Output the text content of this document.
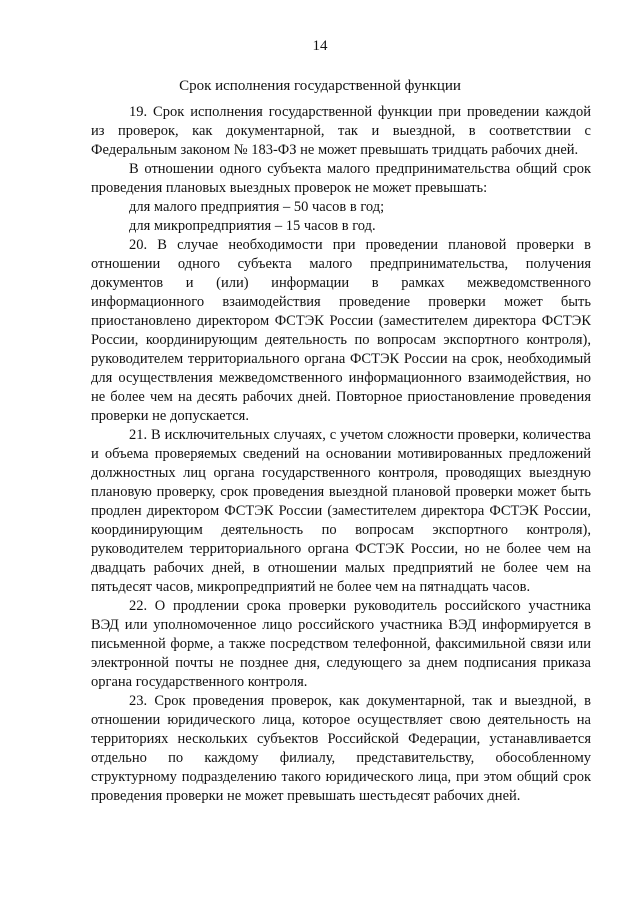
14
Срок исполнения государственной функции

19. Срок исполнения государственной функции при проведении каждой из проверок, как документарной, так и выездной, в соответствии с Федеральным законом № 183-ФЗ не может превышать тридцать рабочих дней.

В отношении одного субъекта малого предпринимательства общий срок проведения плановых выездных проверок не может превышать:

для малого предприятия – 50 часов в год;

для микропредприятия – 15 часов в год.

20. В случае необходимости при проведении плановой проверки в отношении одного субъекта малого предпринимательства, получения документов и (или) информации в рамках межведомственного информационного взаимодействия проведение проверки может быть приостановлено директором ФСТЭК России (заместителем директора ФСТЭК России, координирующим деятельность по вопросам экспортного контроля), руководителем территориального органа ФСТЭК России на срок, необходимый для осуществления межведомственного информационного взаимодействия, но не более чем на десять рабочих дней. Повторное приостановление проведения проверки не допускается.

21. В исключительных случаях, с учетом сложности проверки, количества и объема проверяемых сведений на основании мотивированных предложений должностных лиц органа государственного контроля, проводящих выездную плановую проверку, срок проведения выездной плановой проверки может быть продлен директором ФСТЭК России (заместителем директора ФСТЭК России, координирующим деятельность по вопросам экспортного контроля), руководителем территориального органа ФСТЭК России, но не более чем на двадцать рабочих дней, в отношении малых предприятий не более чем на пятьдесят часов, микропредприятий не более чем на пятнадцать часов.

22. О продлении срока проверки руководитель российского участника ВЭД или уполномоченное лицо российского участника ВЭД информируется в письменной форме, а также посредством телефонной, факсимильной связи или электронной почты не позднее дня, следующего за днем подписания приказа органа государственного контроля.

23. Срок проведения проверок, как документарной, так и выездной, в отношении юридического лица, которое осуществляет свою деятельность на территориях нескольких субъектов Российской Федерации, устанавливается отдельно по каждому филиалу, представительству, обособленному структурному подразделению такого юридического лица, при этом общий срок проведения проверки не может превышать шестьдесят рабочих дней.
